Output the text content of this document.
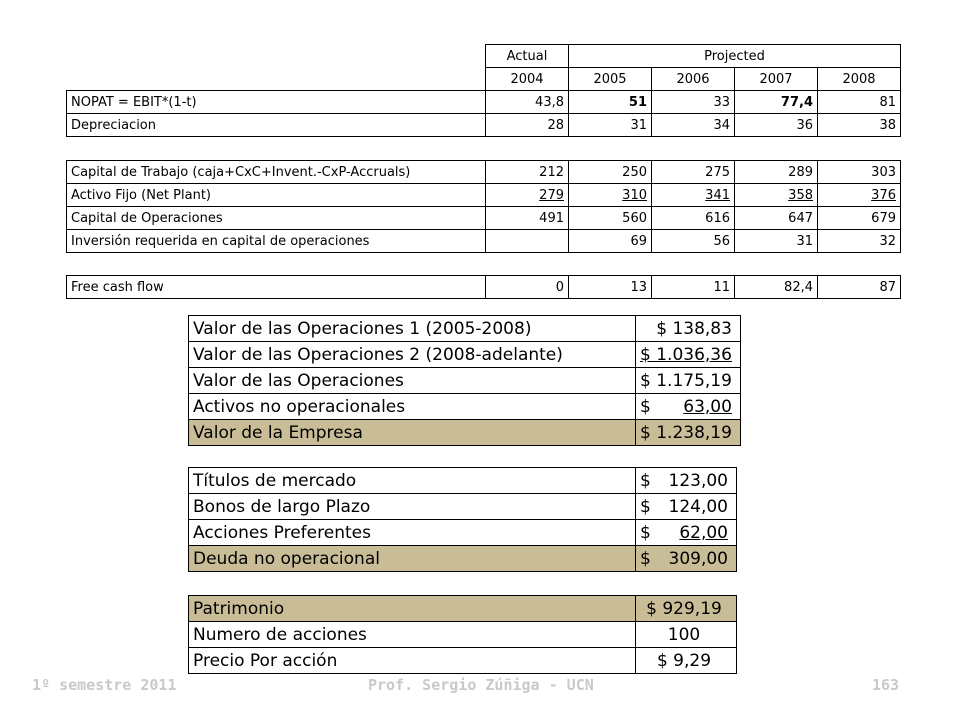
	Actual	Projected			
	2004	2005	2006	2007	2008
NOPAT = EBIT*(1-t)	43,8	51	33	77,4	81
Depreciacion	28	31	34	36	38
Capital de Trabajo (caja+CxC+Invent.-CxP-Accruals)	212	250	275	289	303
Activo Fijo (Net Plant)	279	310	341	358	376
Capital de Operaciones	491	560	616	647	679
Inversión requerida en capital de operaciones		69	56	31	32
Free cash flow	0	13	11	82,4	87
Valor de las Operaciones 1 (2005-2008)	$ 138,83
Valor de las Operaciones 2 (2008-adelante)	$ 1.036,36
Valor de las Operaciones	$ 1.175,19
Activos no operacionales	$ 63,00
Valor de la Empresa	$ 1.238,19
Títulos de mercado	$ 123,00
Bonos de largo Plazo	$ 124,00
Acciones Preferentes	$ 62,00
Deuda no operacional	$ 309,00
Patrimonio	$ 929,19
Numero de acciones	100
Precio Por acción	$ 9,29
1º semestre 2011	Prof. Sergio Zúñiga - UCN	163
